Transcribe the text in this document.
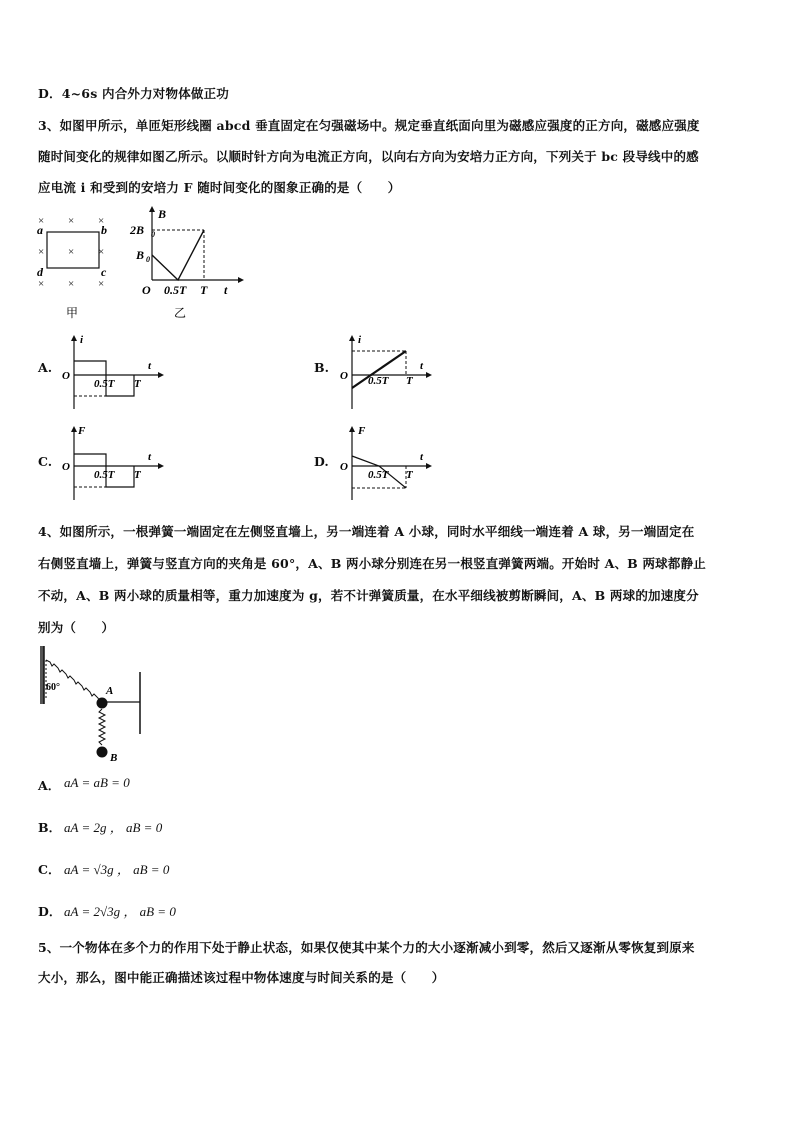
D．4~6s 内合外力对物体做正功
3、如图甲所示，单匝矩形线圈 abcd 垂直固定在匀强磁场中。规定垂直纸面向里为磁感应强度的正方向，磁感应强度
随时间变化的规律如图乙所示。以顺时针方向为电流正方向，以向右方向为安培力正方向，下列关于 bc 段导线中的感
应电流 i 和受到的安培力 F 随时间变化的图象正确的是（　　）
× × ×
× ×
×
× × ×
a	b
c
d
甲
B
2B 0
B 0
O 0.5T T t
乙
A.
i
O
0.5T T
t	B.
i
O 0.5T T
t
C.
F
O
0.5T T
t	D.
F
O
0.5T T
t
4、如图所示，一根弹簧一端固定在左侧竖直墙上，另一端连着 A 小球，同时水平细线一端连着 A 球，另一端固定在
右侧竖直墙上，弹簧与竖直方向的夹角是 60°，A、B 两小球分别连在另一根竖直弹簧两端。开始时 A、B 两球都静止
不动，A、B 两小球的质量相等，重力加速度为 g，若不计弹簧质量，在水平细线被剪断瞬间，A、B 两球的加速度分
别为（　　）
60°	A
B
A． aA = aB = 0
B． aA = 2g ， aB = 0
C． aA = √3g ， aB = 0
D． aA = 2√3g ， aB = 0
5、一个物体在多个力的作用下处于静止状态，如果仅使其中某个力的大小逐渐减小到零，然后又逐渐从零恢复到原来
大小，那么，图中能正确描述该过程中物体速度与时间关系的是（　　）
